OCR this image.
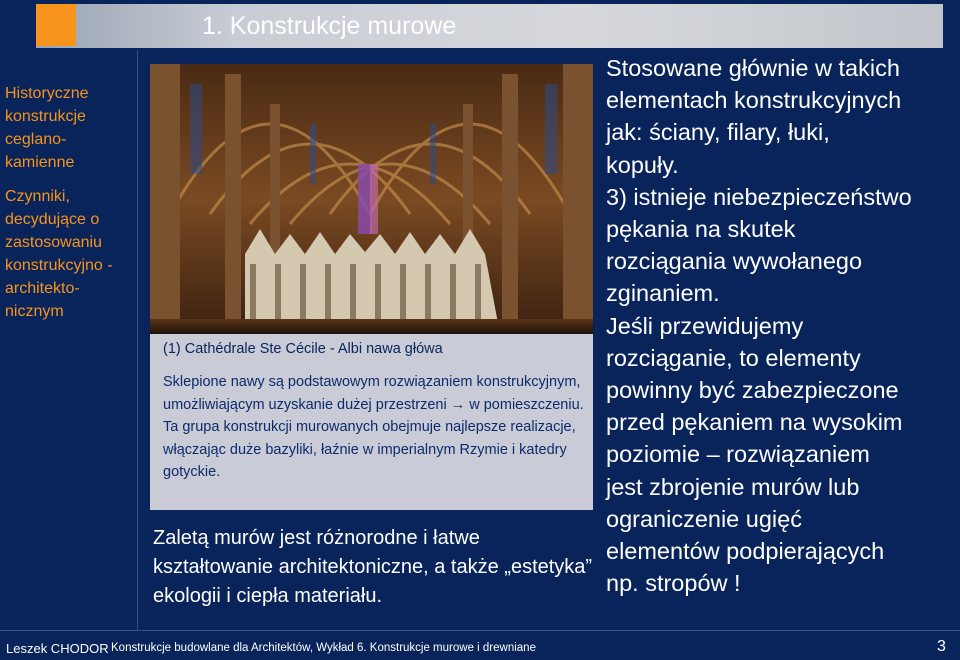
1. Konstrukcje murowe
Historyczne konstrukcje ceglano-kamienne
Czynniki, decydujące o zastosowaniu konstrukcyjno -architekto-nicznym
(1) Cathédrale Ste Cécile - Albi nawa główa
Sklepione nawy są podstawowym rozwiązaniem konstrukcyjnym, umożliwiającym uzyskanie dużej przestrzeni → w pomieszczeniu. Ta grupa konstrukcji murowanych obejmuje najlepsze realizacje, włączając duże bazyliki, łaźnie w imperialnym Rzymie i katedry gotyckie.
Zaletą murów jest różnorodne i łatwe kształtowanie architektoniczne, a także „estetyka” ekologii i ciepła materiału.

Stosowane głównie w takich

elementach konstrukcyjnych

jak: ściany, filary, łuki,

kopuły.

3) istnieje niebezpieczeństwo

pękania na skutek

rozciągania wywołanego

zginaniem.

Jeśli przewidujemy

rozciąganie, to elementy

powinny być zabezpieczone

przed pękaniem na wysokim

poziomie – rozwiązaniem

jest zbrojenie murów lub

ograniczenie ugięć

elementów podpierających

np. stropów !

Leszek CHODOR Konstrukcje budowlane dla Architektów, Wykład 6. Konstrukcje murowe i drewniane	3
